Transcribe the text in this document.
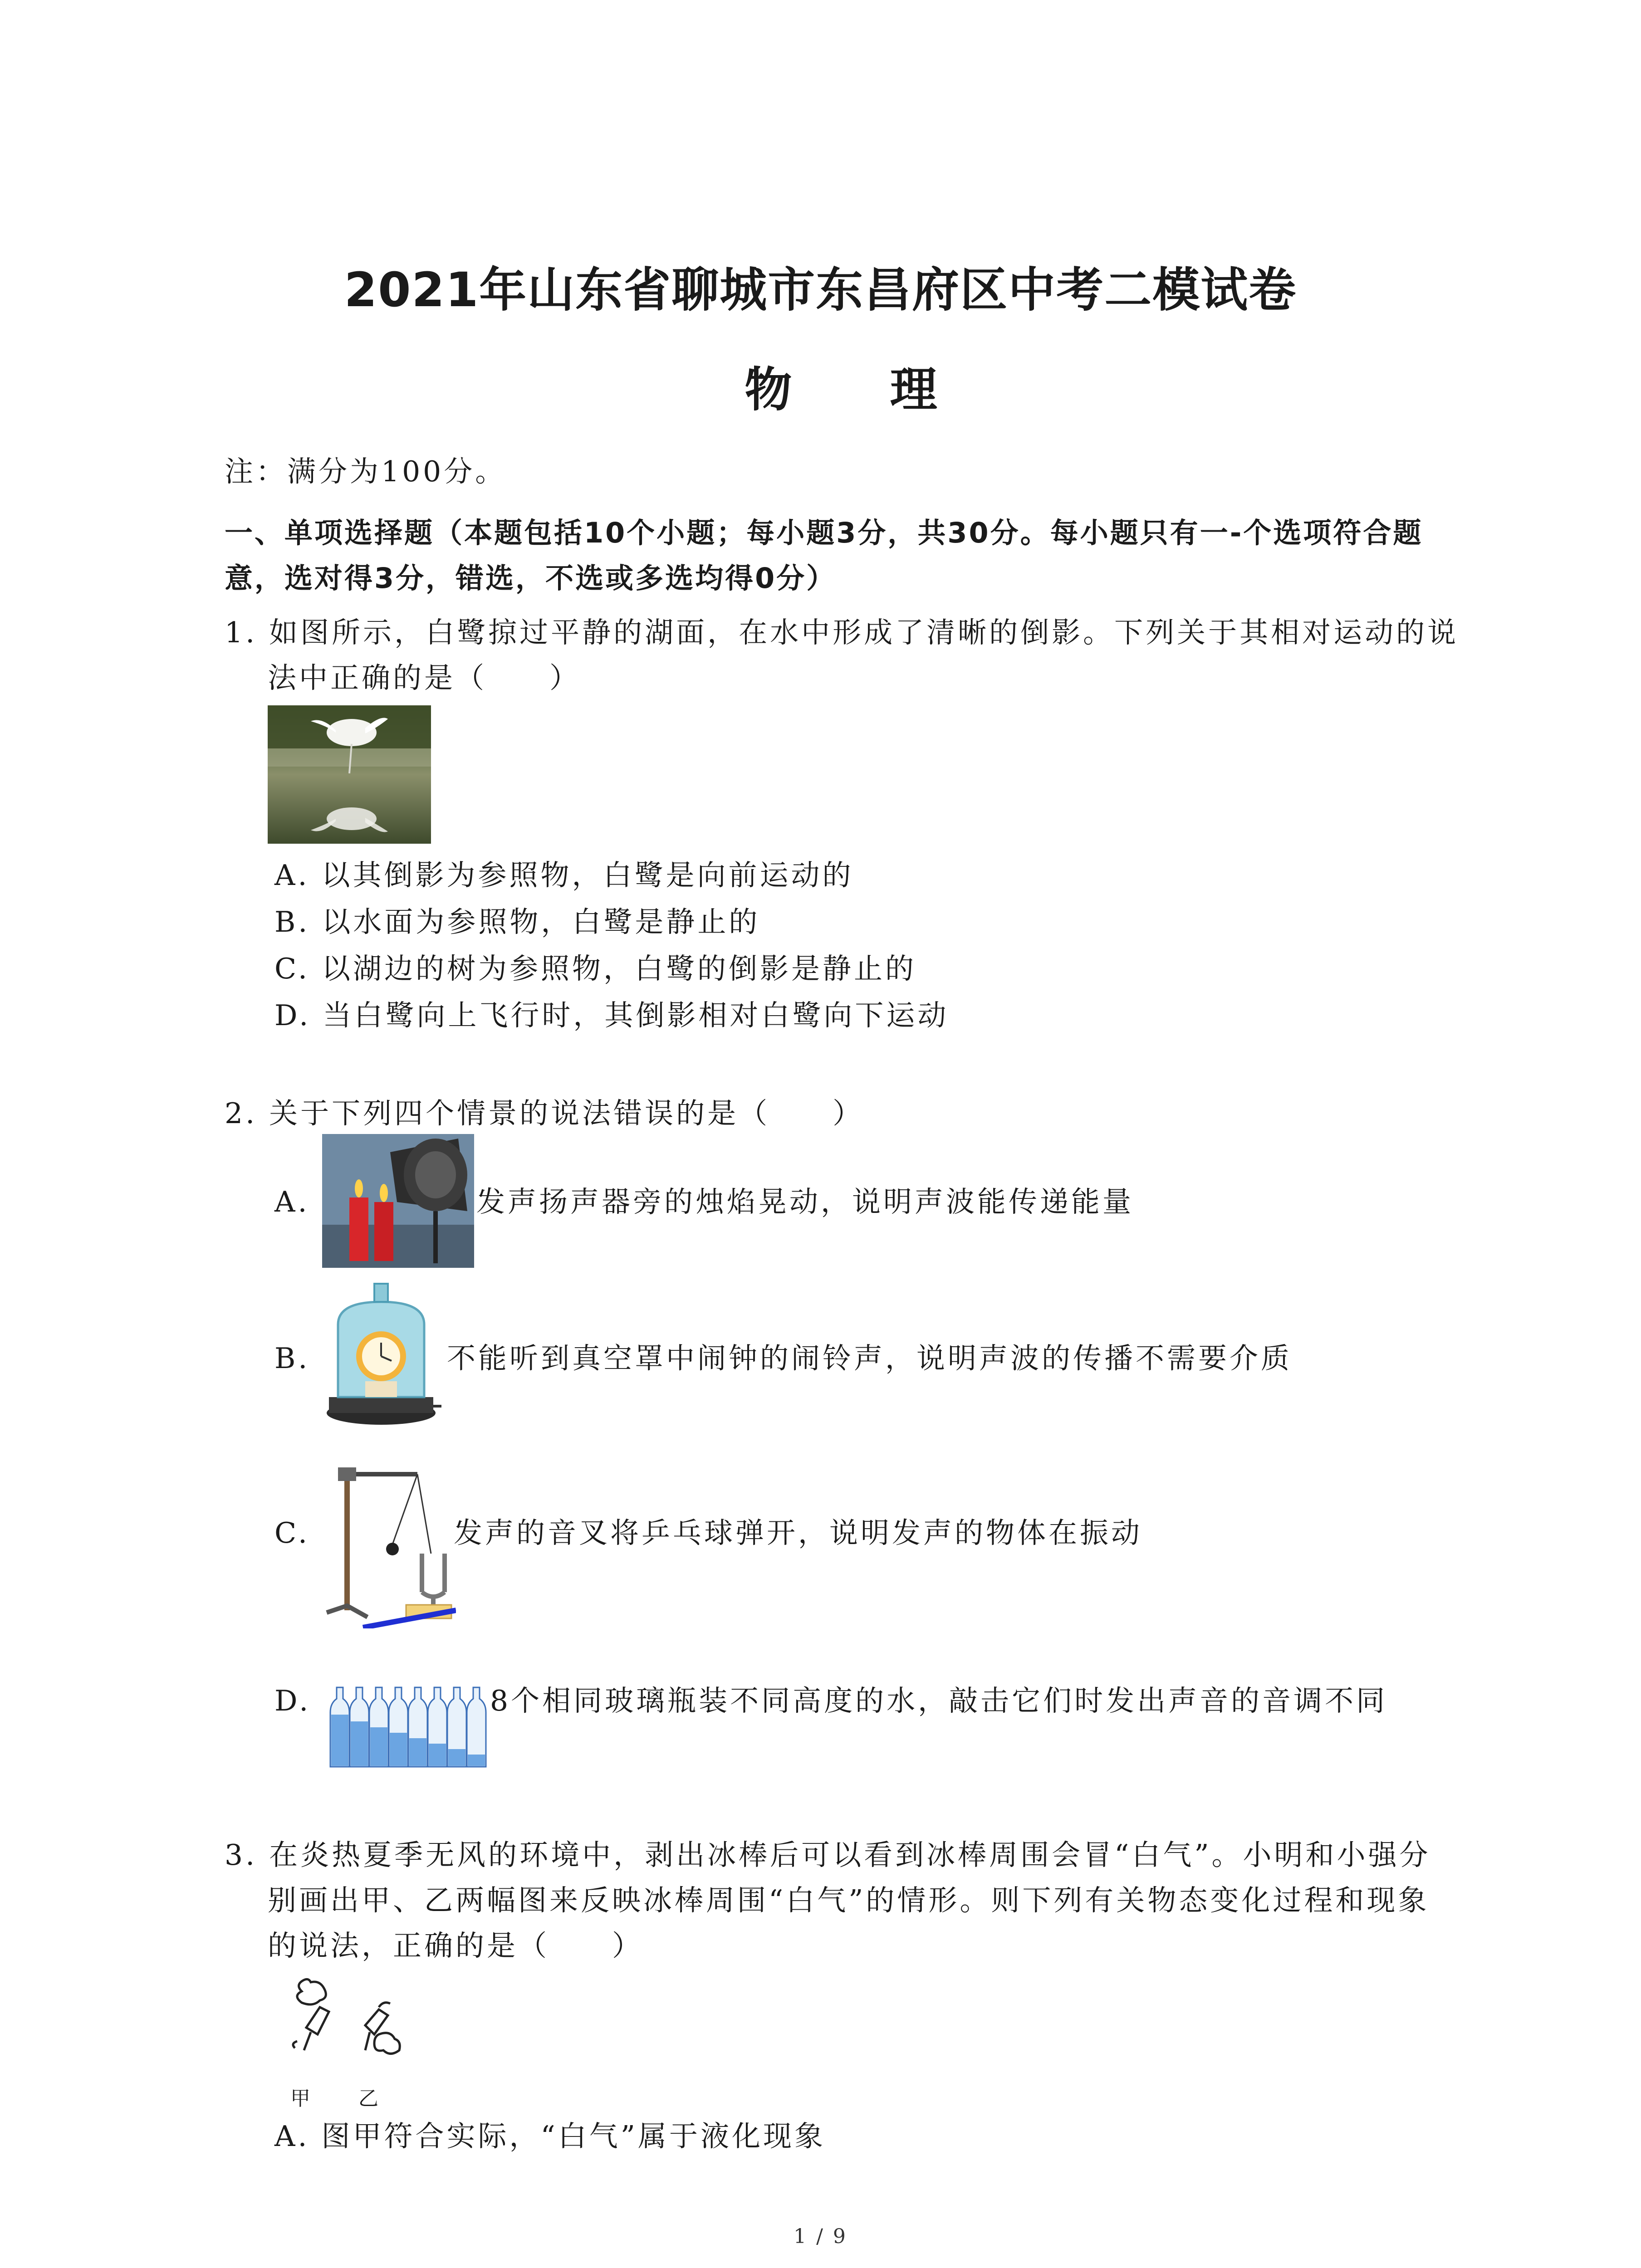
2021年山东省聊城市东昌府区中考二模试卷
物 理
注：满分为100分。
一、单项选择题（本题包括10个小题；每小题3分，共30分。每小题只有一-个选项符合题
意，选对得3分，错选，不选或多选均得0分）
1. 如图所示，白鹭掠过平静的湖面，在水中形成了清晰的倒影。下列关于其相对运动的说
法中正确的是（　　）
A. 以其倒影为参照物，白鹭是向前运动的
B. 以水面为参照物，白鹭是静止的
C. 以湖边的树为参照物，白鹭的倒影是静止的
D. 当白鹭向上飞行时，其倒影相对白鹭向下运动
2. 关于下列四个情景的说法错误的是（　　）
A.	发声扬声器旁的烛焰晃动，说明声波能传递能量
B.	不能听到真空罩中闹钟的闹铃声，说明声波的传播不需要介质
C.	发声的音叉将乒乓球弹开，说明发声的物体在振动
D.	8个相同玻璃瓶装不同高度的水，敲击它们时发出声音的音调不同
3. 在炎热夏季无风的环境中，剥出冰棒后可以看到冰棒周围会冒“白气”。小明和小强分
别画出甲、乙两幅图来反映冰棒周围“白气”的情形。则下列有关物态变化过程和现象
的说法，正确的是（　　）
甲 乙
A. 图甲符合实际，“白气”属于液化现象
1 / 9
